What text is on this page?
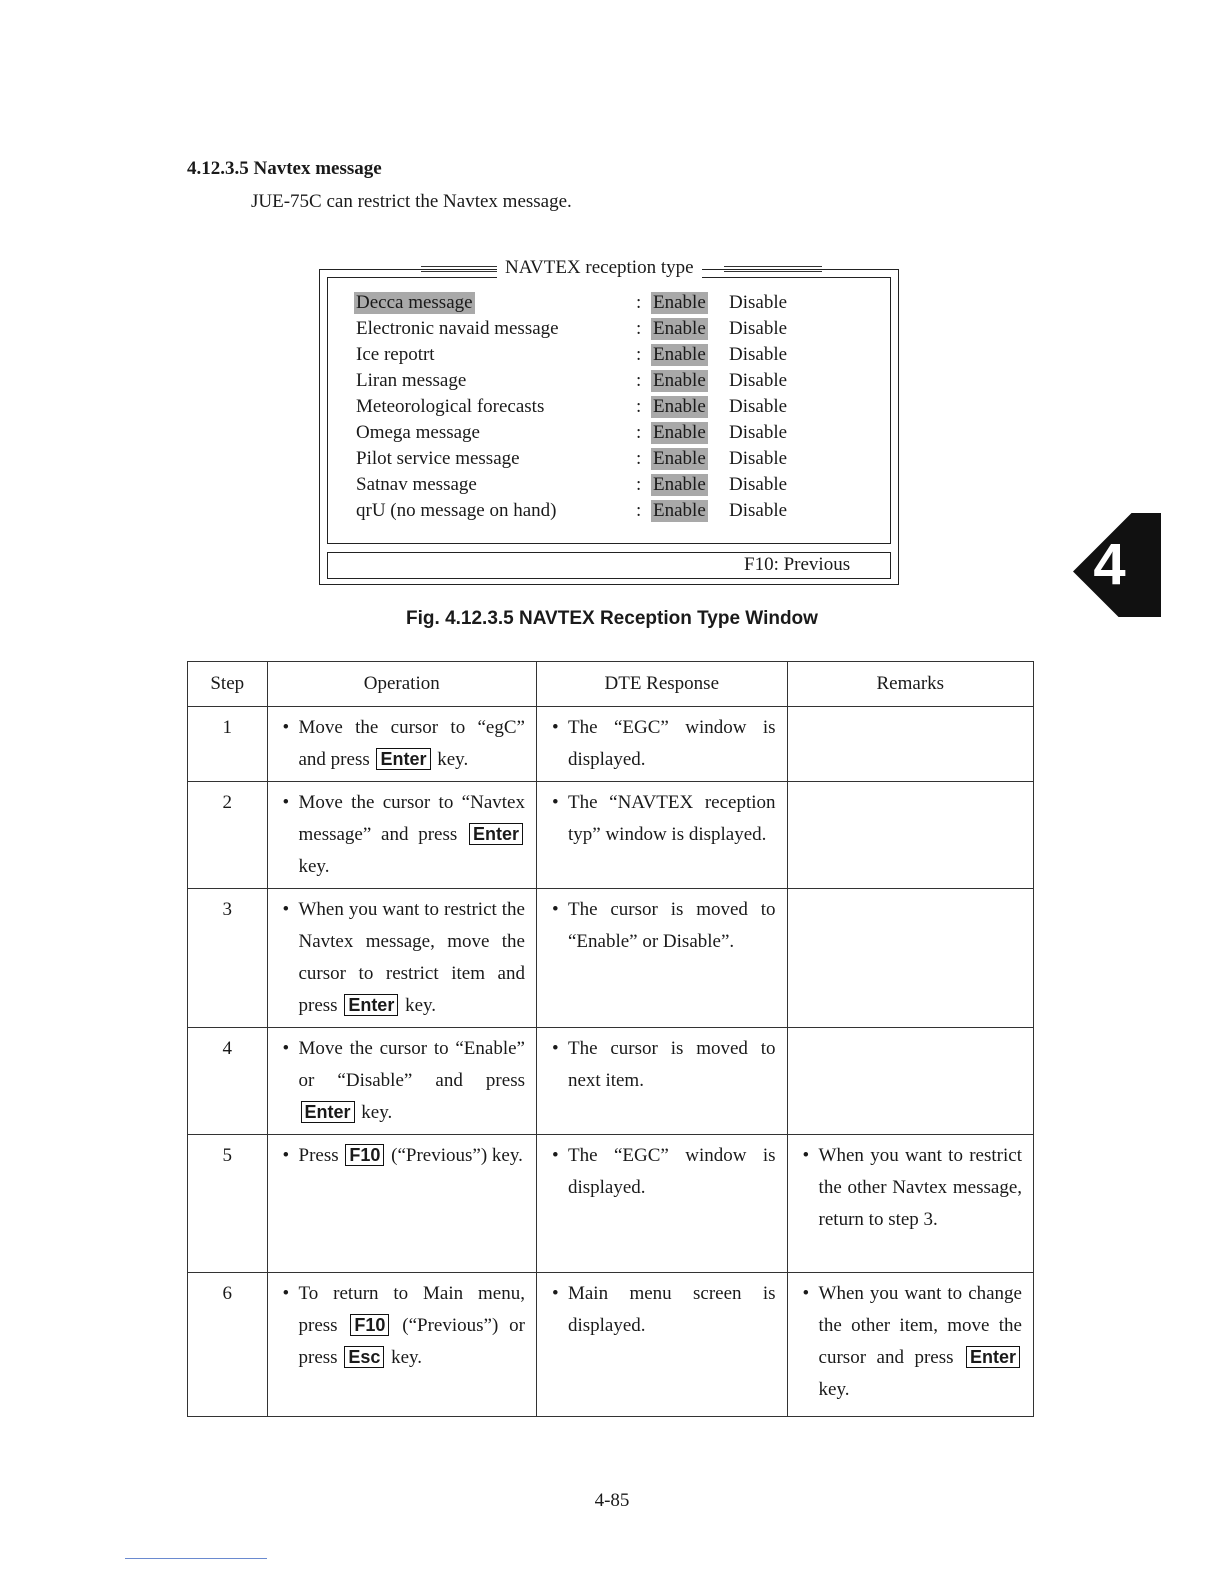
4.12.3.5 Navtex message
JUE-75C can restrict the Navtex message.
NAVTEX reception type
Decca message	: Enable Disable
Electronic navaid message	: Enable Disable
Ice repotrt	: Enable Disable
Liran message	: Enable Disable
Meteorological forecasts	: Enable Disable
Omega message	: Enable Disable
Pilot service message	: Enable Disable
Satnav message	: Enable Disable
qrU (no message on hand)	: Enable Disable
F10: Previous
Fig. 4.12.3.5 NAVTEX Reception Type Window
4
Step	Operation	DTE Response	Remarks
1	• Move the cursor to “egC” and press Enter key.	• The “EGC” window is displayed.

2	• Move the cursor to “Navtex message” and press Enter key.	• The “NAVTEX reception typ” window is displayed.

3	• When you want to restrict the Navtex message, move the cursor to restrict item and press Enter key.	• The cursor is moved to “Enable” or Disable”.

4	• Move the cursor to “Enable” or “Disable” and press Enter key.	• The cursor is moved to next item.

5	• Press F10 (“Previous”) key.	• The “EGC” window is displayed.	• When you want to restrict the other Navtex message, return to step 3.

6	• To return to Main menu, press F10 (“Previous”) or press Esc key.	• Main menu screen is displayed.	• When you want to change the other item, move the cursor and press Enter key.
4-85
